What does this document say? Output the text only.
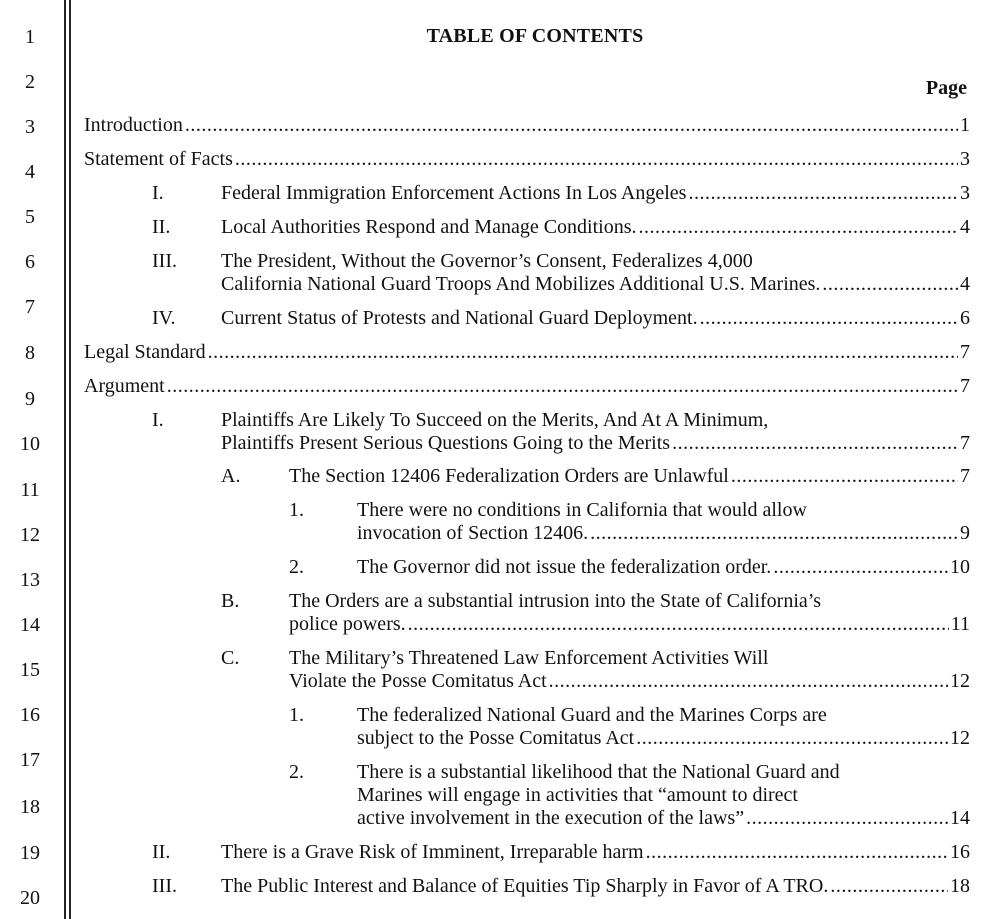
1
2
3
4
5
6
7
8
9
10
11
12
13
14
15
16
17
18
19
20
TABLE OF CONTENTS
Page
Introduction .....	1
Statement of Facts .....	3
I.	Federal Immigration Enforcement Actions In Los Angeles .....	3
II.	Local Authorities Respond and Manage Conditions. .....	4
III. The President, Without the Governor’s Consent, Federalizes 4,000
California National Guard Troops And Mobilizes Additional U.S. Marines. .....	4
IV. Current Status of Protests and National Guard Deployment. .....	6
Legal Standard .....	7
Argument .....	7
I.	Plaintiffs Are Likely To Succeed on the Merits, And At A Minimum,
Plaintiffs Present Serious Questions Going to the Merits .....	7
A. The Section 12406 Federalization Orders are Unlawful .....	7
1.	There were no conditions in California that would allow
invocation of Section 12406. .....	9
2.	The Governor did not issue the federalization order. .....	10
B. The Orders are a substantial intrusion into the State of California’s
police powers. .....	11
C. The Military’s Threatened Law Enforcement Activities Will
Violate the Posse Comitatus Act .....	12
1.	The federalized National Guard and the Marines Corps are
subject to the Posse Comitatus Act .....	12
2.	There is a substantial likelihood that the National Guard and
Marines will engage in activities that “amount to direct
active involvement in the execution of the laws” .....	14
II.	There is a Grave Risk of Imminent, Irreparable harm .....	16
III. The Public Interest and Balance of Equities Tip Sharply in Favor of A TRO. .....	18
